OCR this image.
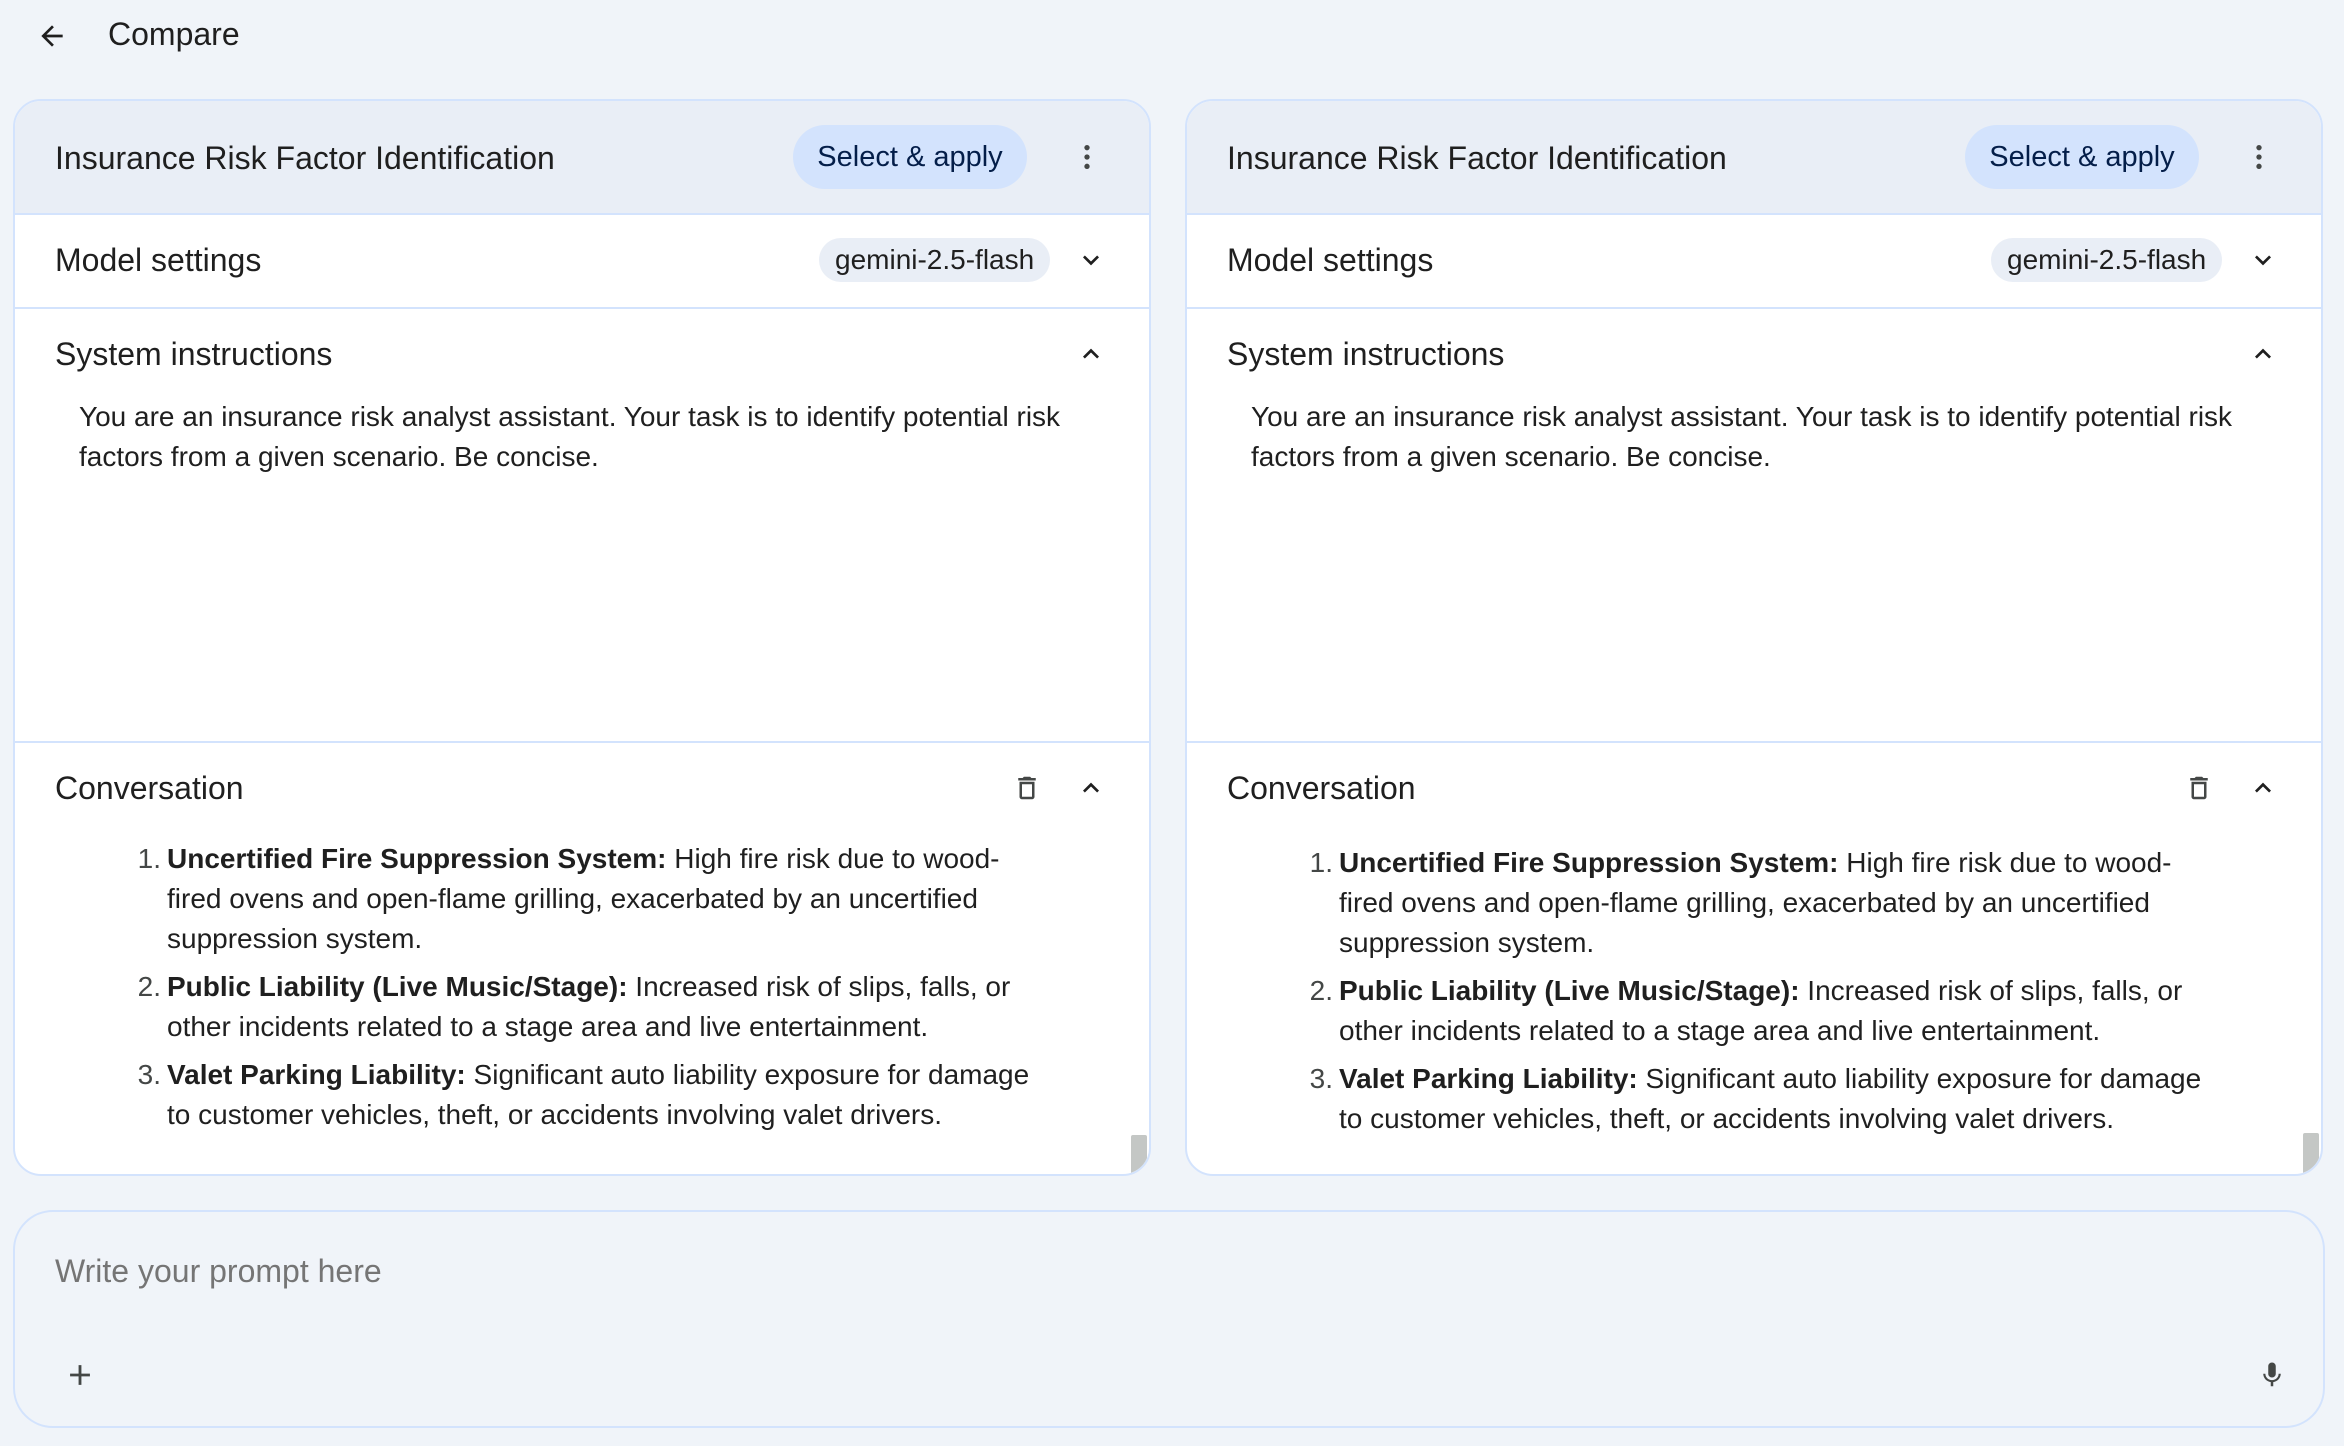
Compare
Insurance Risk Factor Identification	Select & apply
Model settings	gemini-2.5-flash
System instructions
You are an insurance risk analyst assistant. Your task is to identify potential risk factors from a given scenario. Be concise.
Conversation
1. Uncertified Fire Suppression System: High fire risk due to wood-fired ovens and open-flame grilling, exacerbated by an uncertified suppression system.
2. Public Liability (Live Music/Stage): Increased risk of slips, falls, or other incidents related to a stage area and live entertainment.
3. Valet Parking Liability: Significant auto liability exposure for damage to customer vehicles, theft, or accidents involving valet drivers.
Insurance Risk Factor Identification	Select & apply
Model settings	gemini-2.5-flash
System instructions
You are an insurance risk analyst assistant. Your task is to identify potential risk factors from a given scenario. Be concise.
Conversation
1. Uncertified Fire Suppression System: High fire risk due to wood-fired ovens and open-flame grilling, exacerbated by an uncertified suppression system.
2. Public Liability (Live Music/Stage): Increased risk of slips, falls, or other incidents related to a stage area and live entertainment.
3. Valet Parking Liability: Significant auto liability exposure for damage to customer vehicles, theft, or accidents involving valet drivers.
Write your prompt here
